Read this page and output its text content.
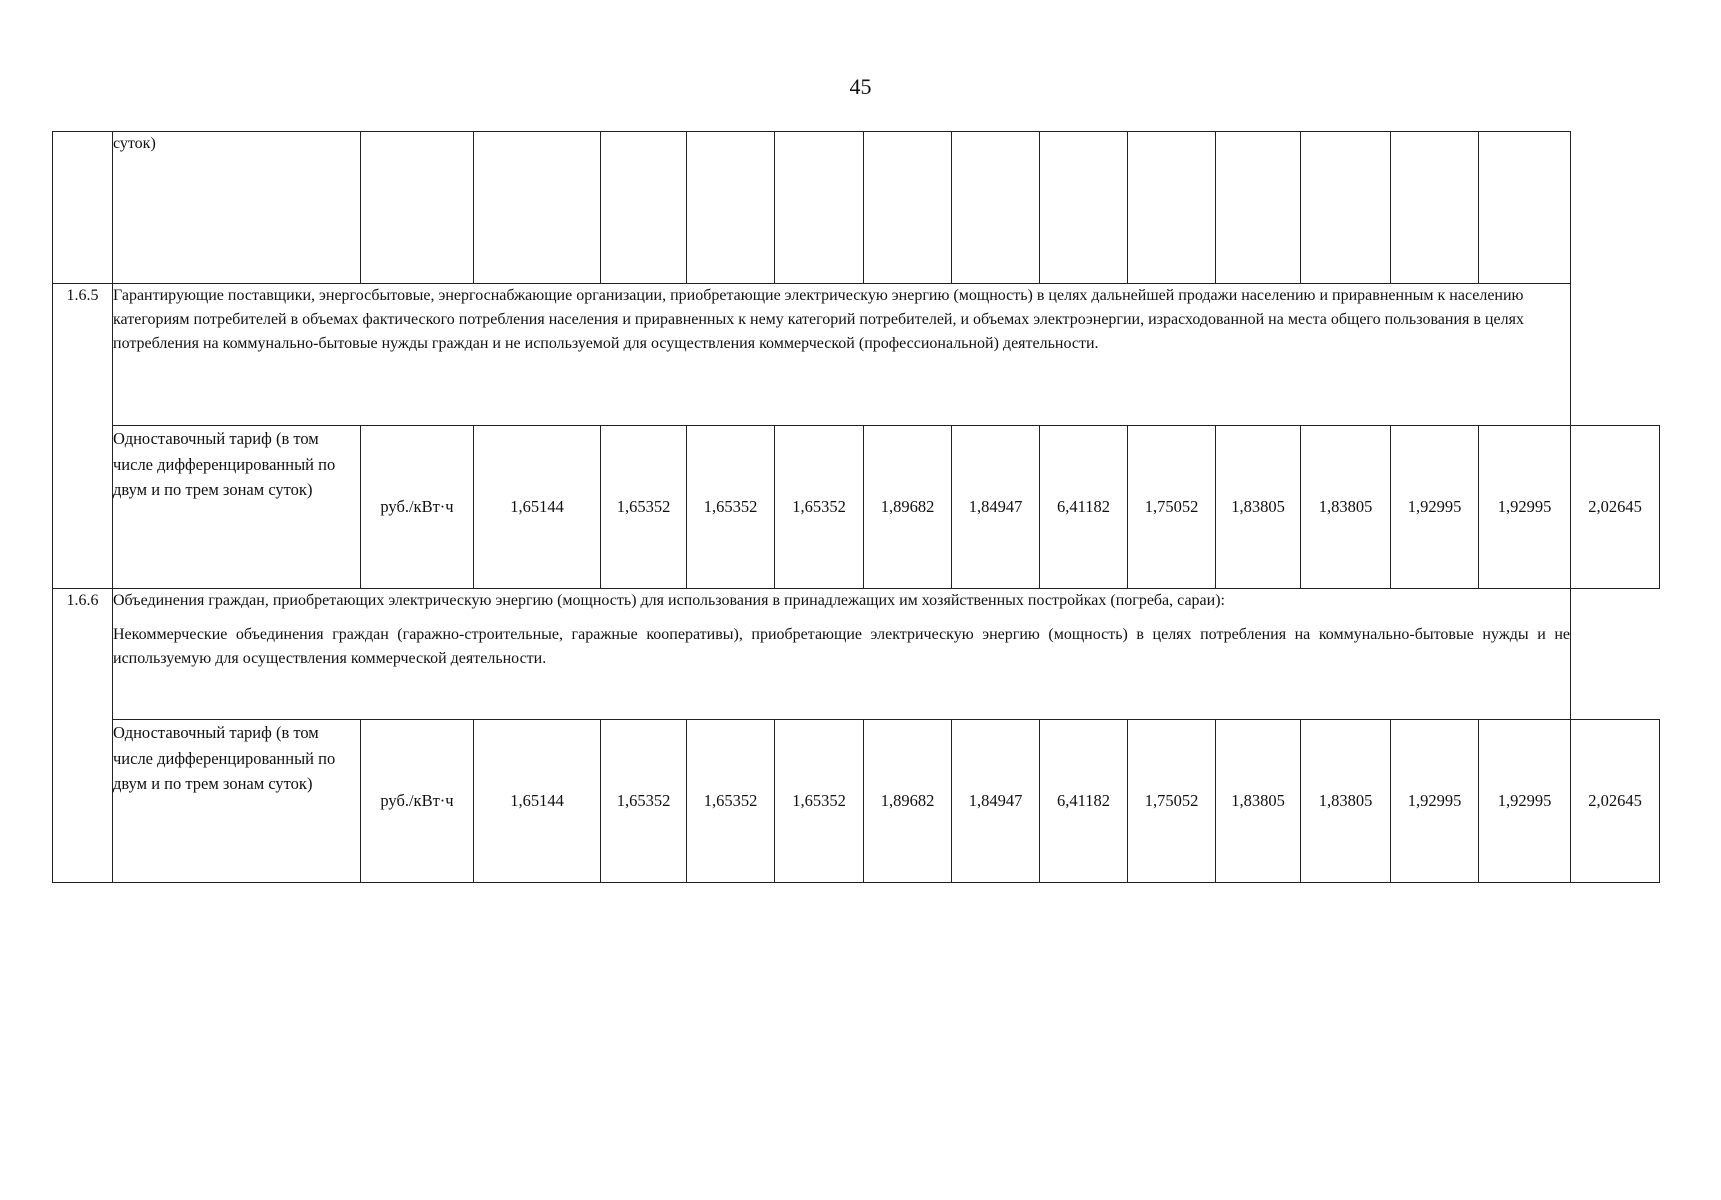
45
	суток)														
1.6.5	Гарантирующие поставщики, энергосбытовые, энергоснабжающие организации, приобретающие электрическую энергию (мощность) в целях дальнейшей продажи населению и приравненным к населению категориям потребителей в объемах фактического потребления населения и приравненных к нему категорий потребителей, и объемах электроэнергии, израсходованной на места общего пользования в целях потребления на коммунально-бытовые нужды граждан и не используемой для осуществления коммерческой (профессиональной) деятельности.														
	Одноставочный тариф (в том числе дифференцированный по двум и по трем зонам суток)	руб./кВт·ч	1,65144	1,65352	1,65352	1,65352	1,89682	1,84947	6,41182	1,75052	1,83805	1,83805	1,92995	1,92995	2,02645
1.6.6	Объединения граждан, приобретающих электрическую энергию (мощность) для использования в принадлежащих им хозяйственных постройках (погреба, сараи):
Некоммерческие объединения граждан (гаражно-строительные, гаражные кооперативы), приобретающие электрическую энергию (мощность) в целях потребления на коммунально-бытовые нужды и не используемую для осуществления коммерческой деятельности.														

	Одноставочный тариф (в том числе дифференцированный по двум и по трем зонам суток)	руб./кВт·ч	1,65144	1,65352	1,65352	1,65352	1,89682	1,84947	6,41182	1,75052	1,83805	1,83805	1,92995	1,92995	2,02645
